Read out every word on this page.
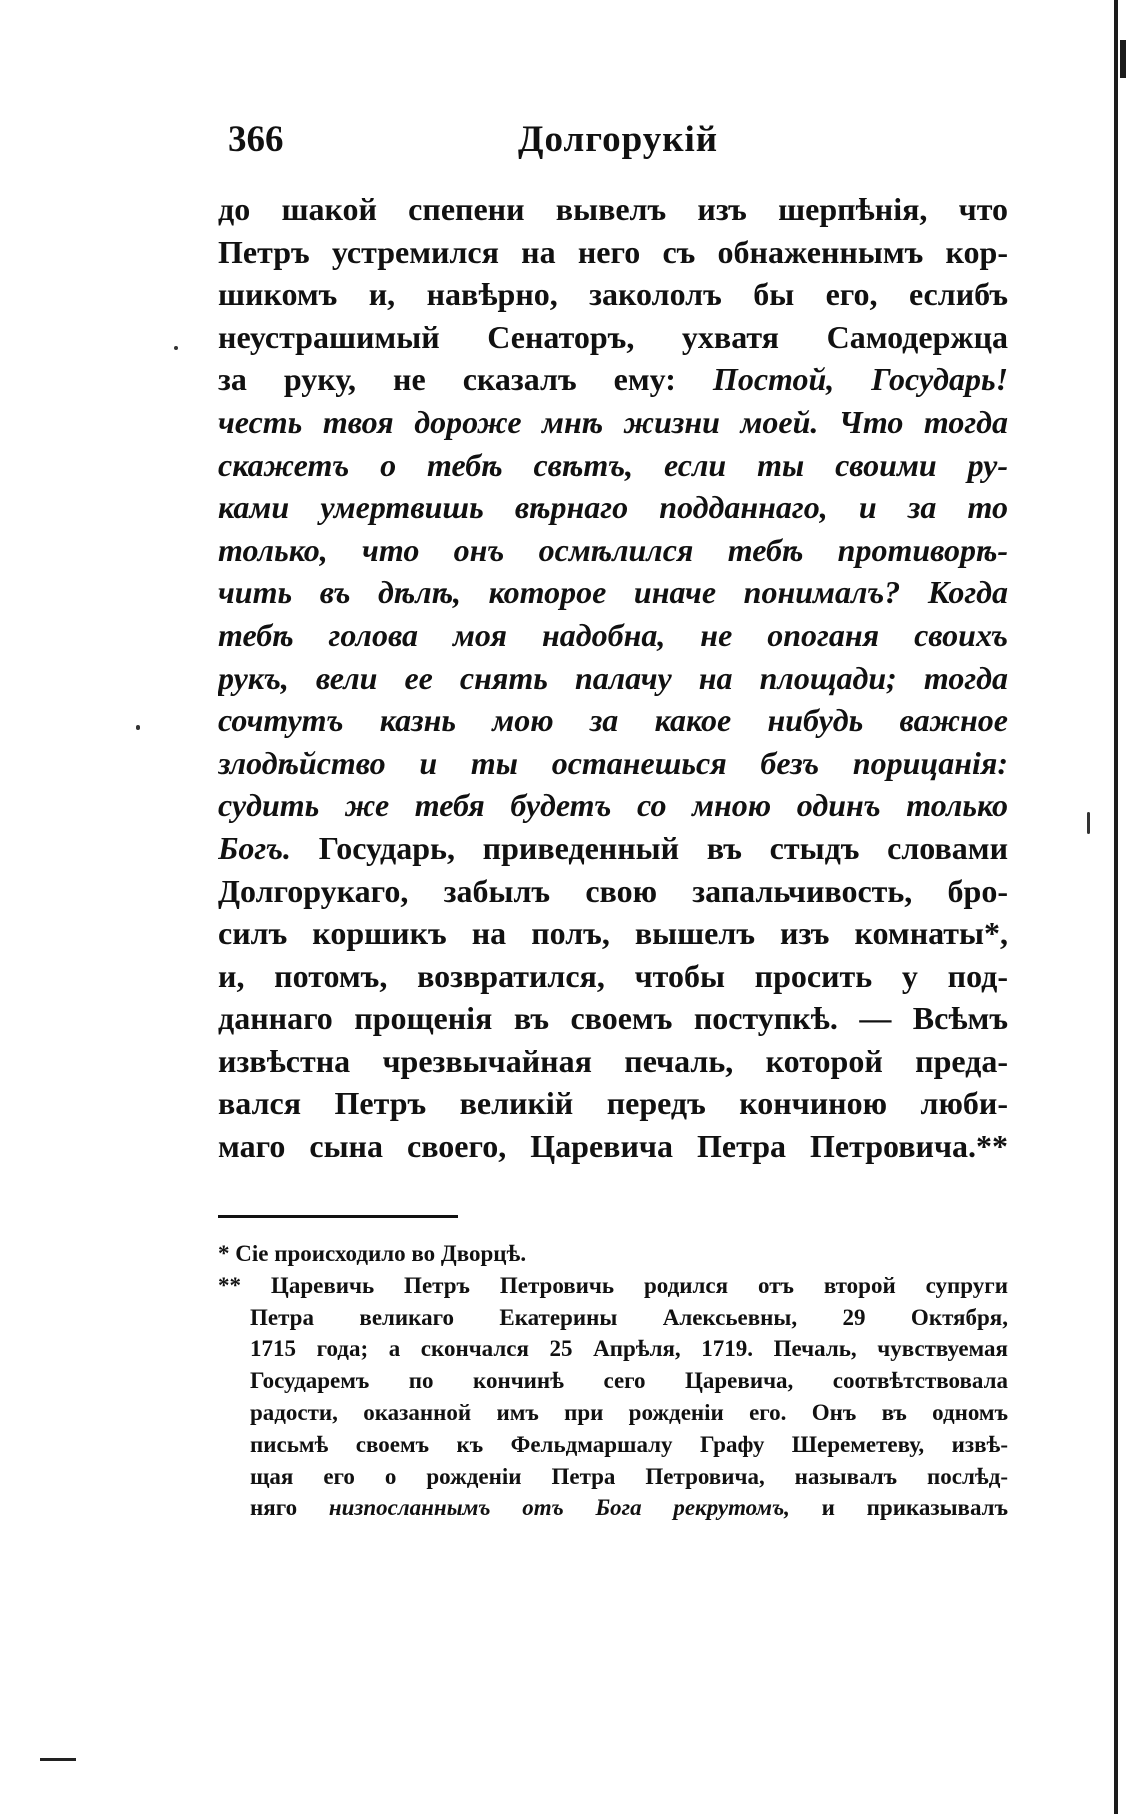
366	Долгорукій
до шакой спепени вывелъ изъ шерпѣнія, что
Петръ устремился на него съ обнаженнымъ кор-
шикомъ и, навѣрно, закололъ бы его, еслибъ
неустрашимый Сенаторъ, ухватя Самодержца
за руку, не сказалъ ему: Постой, Государь!
честь твоя дороже мнѣ жизни моей. Что тогда
скажетъ о тебѣ свѣтъ, если ты своими ру-
ками умертвишь вѣрнаго подданнаго, и за то
только, что онъ осмѣлился тебѣ противорѣ-
чить въ дѣлѣ, которое иначе понималъ? Когда
тебѣ голова моя надобна, не опоганя своихъ
рукъ, вели ее снять палачу на площади; тогда
сочтутъ казнь мою за какое нибудь важное
злодѣйство и ты останешься безъ порицанія:
судить же тебя будетъ со мною одинъ только
Богъ. Государь, приведенный въ стыдъ словами
Долгорукаго, забылъ свою запальчивость, бро-
силъ коршикъ на полъ, вышелъ изъ комнаты*,
и, потомъ, возвратился, чтобы просить у под-
даннаго прощенія въ своемъ поступкѣ. — Всѣмъ
извѣстна чрезвычайная печаль, которой преда-
вался Петръ великій передъ кончиною люби-
маго сына своего, Царевича Петра Петровича.**
* Сіе происходило во Дворцѣ.
** Царевичь Петръ Петровичь родился отъ второй супруги
Петра великаго Екатерины Алексьевны, 29 Октября,
1715 года; а скончался 25 Апрѣля, 1719. Печаль, чувствуемая
Государемъ по кончинѣ сего Царевича, соотвѣтствовала
радости, оказанной имъ при рожденіи его. Онъ въ одномъ
письмѣ своемъ къ Фельдмаршалу Графу Шереметеву, извѣ-
щая его о рожденіи Петра Петровича, называлъ послѣд-
няго низпосланнымъ отъ Бога рекрутомъ, и приказывалъ
